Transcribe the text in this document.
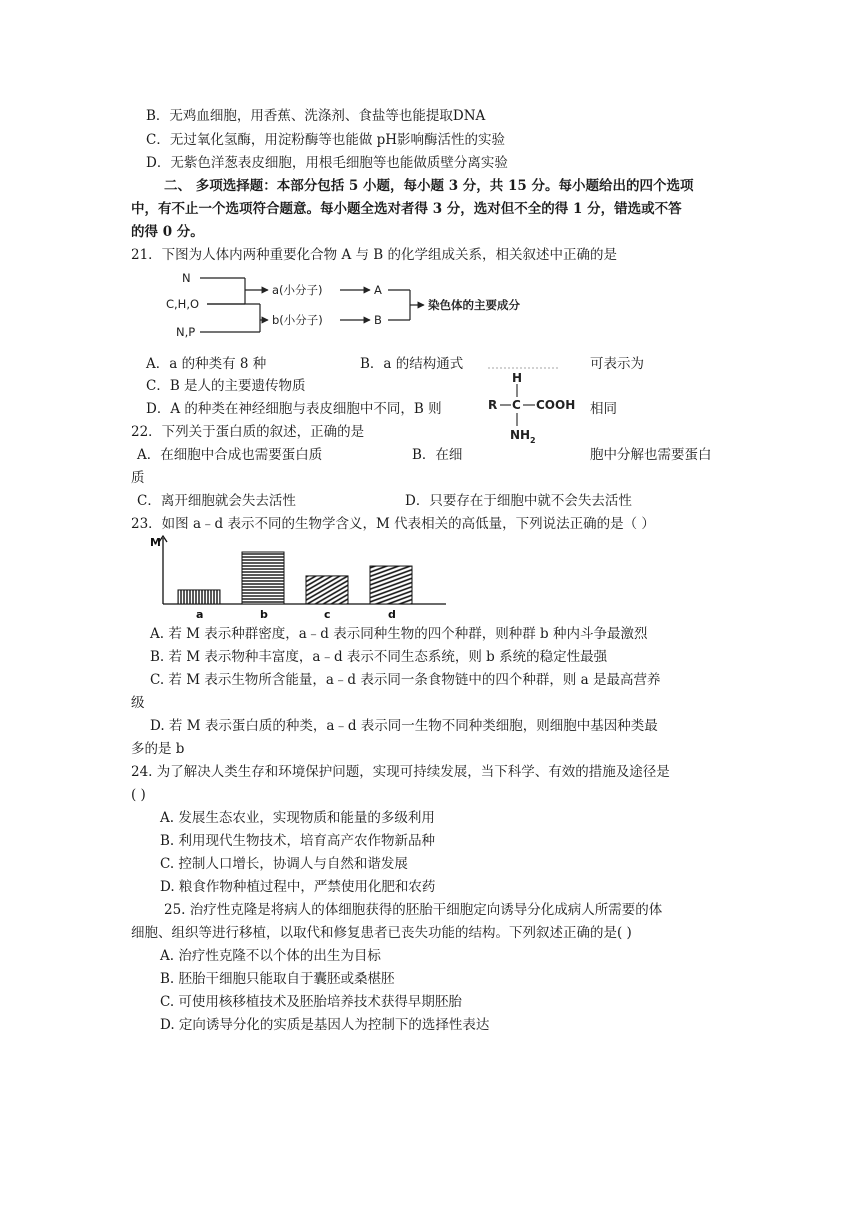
B．无鸡血细胞，用香蕉、洗涤剂、食盐等也能提取DNA
C．无过氧化氢酶，用淀粉酶等也能做 pH影响酶活性的实验
D．无紫色洋葱表皮细胞，用根毛细胞等也能做质壁分离实验
二、 多项选择题：本部分包括 5 小题，每小题 3 分，共 15 分。每小题给出的四个选项
中，有不止一个选项符合题意。每小题全选对者得 3 分，选对但不全的得 1 分，错选或不答
的得 0 分。
21．下图为人体内两种重要化合物 A 与 B 的化学组成关系，相关叙述中正确的是
N
C,H,O
N,P
a(小分子)
b(小分子)
A
B
染色体的主要成分
A．a 的种类有 8 种	B．a 的结构通式	可表示为
C．B 是人的主要遗传物质
D．A 的种类在神经细胞与表皮细胞中不同，B 则	相同
H
R C COOH
NH 2
22．下列关于蛋白质的叙述，正确的是
A．在细胞中合成也需要蛋白质	B．在细	胞中分解也需要蛋白
质
C．离开细胞就会失去活性	D．只要存在于细胞中就不会失去活性
23．如图 a﹣d 表示不同的生物学含义，M 代表相关的高低量，下列说法正确的是（ ）
M
a	b	c	d
A. 若 M 表示种群密度，a﹣d 表示同种生物的四个种群，则种群 b 种内斗争最激烈
B. 若 M 表示物种丰富度，a﹣d 表示不同生态系统，则 b 系统的稳定性最强
C. 若 M 表示生物所含能量，a﹣d 表示同一条食物链中的四个种群，则 a 是最高营养
级
D. 若 M 表示蛋白质的种类，a﹣d 表示同一生物不同种类细胞，则细胞中基因种类最
多的是 b
24. 为了解决人类生存和环境保护问题，实现可持续发展，当下科学、有效的措施及途径是
( )
A. 发展生态农业，实现物质和能量的多级利用
B. 利用现代生物技术，培育高产农作物新品种
C. 控制人口增长，协调人与自然和谐发展
D. 粮食作物种植过程中，严禁使用化肥和农药
25. 治疗性克隆是将病人的体细胞获得的胚胎干细胞定向诱导分化成病人所需要的体
细胞、组织等进行移植，以取代和修复患者已丧失功能的结构。下列叙述正确的是( )
A. 治疗性克隆不以个体的出生为目标
B. 胚胎干细胞只能取自于囊胚或桑椹胚
C. 可使用核移植技术及胚胎培养技术获得早期胚胎
D. 定向诱导分化的实质是基因人为控制下的选择性表达
